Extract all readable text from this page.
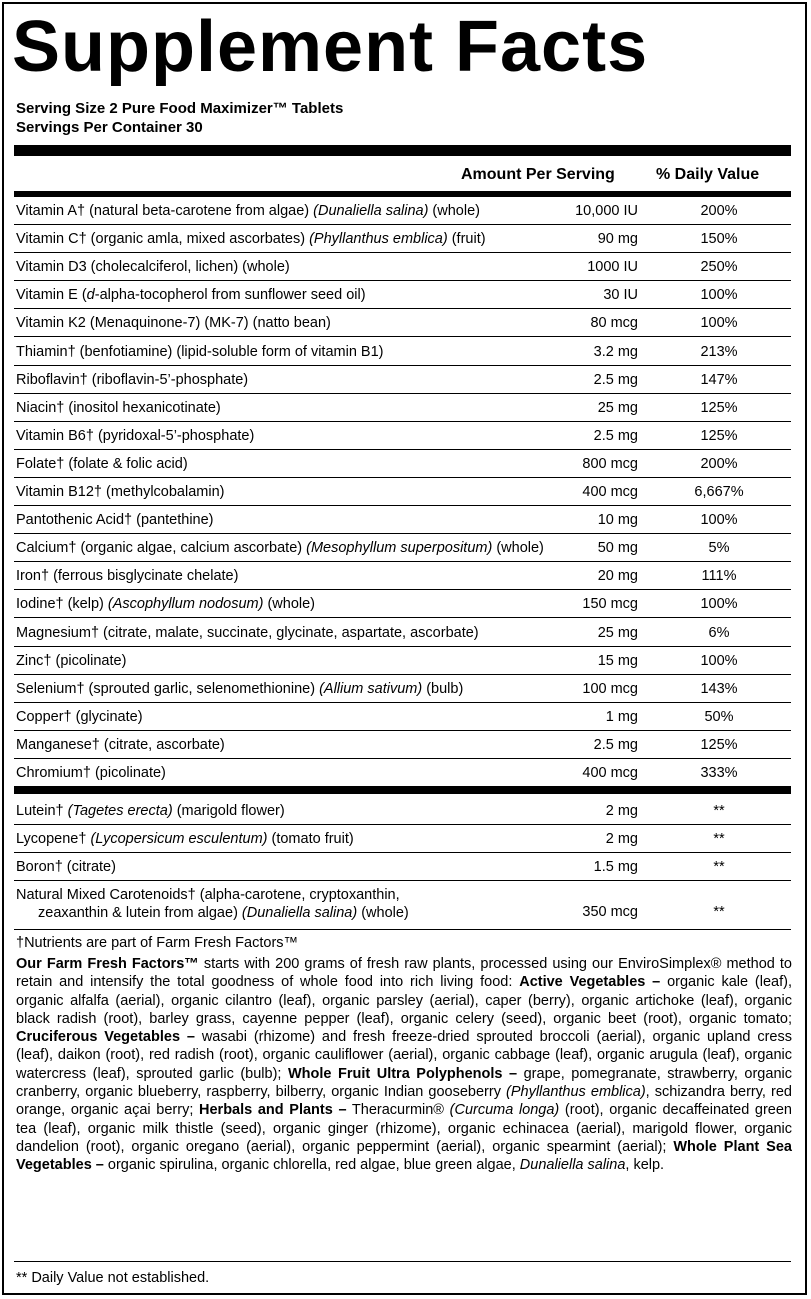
Supplement Facts
Serving Size 2 Pure Food Maximizer™ Tablets
Servings Per Container 30
Amount Per Serving	% Daily Value
Vitamin A† (natural beta-carotene from algae) (Dunaliella salina) (whole)	10,000 IU	200%
Vitamin C† (organic amla, mixed ascorbates) (Phyllanthus emblica) (fruit)	90 mg	150%
Vitamin D3 (cholecalciferol, lichen) (whole)	1000 IU	250%
Vitamin E (d-alpha-tocopherol from sunflower seed oil)	30 IU	100%
Vitamin K2 (Menaquinone-7) (MK-7) (natto bean)	80 mcg	100%
Thiamin† (benfotiamine) (lipid-soluble form of vitamin B1)	3.2 mg	213%
Riboflavin† (riboflavin-5’-phosphate)	2.5 mg	147%
Niacin† (inositol hexanicotinate)	25 mg	125%
Vitamin B6† (pyridoxal-5’-phosphate)	2.5 mg	125%
Folate† (folate & folic acid)	800 mcg	200%
Vitamin B12† (methylcobalamin)	400 mcg	6,667%
Pantothenic Acid† (pantethine)	10 mg	100%
Calcium† (organic algae, calcium ascorbate) (Mesophyllum superpositum) (whole)	50 mg	5%
Iron† (ferrous bisglycinate chelate)	20 mg	111%
Iodine† (kelp) (Ascophyllum nodosum) (whole)	150 mcg	100%
Magnesium† (citrate, malate, succinate, glycinate, aspartate, ascorbate)	25 mg	6%
Zinc† (picolinate)	15 mg	100%
Selenium† (sprouted garlic, selenomethionine) (Allium sativum) (bulb)	100 mcg	143%
Copper† (glycinate)	1 mg	50%
Manganese† (citrate, ascorbate)	2.5 mg	125%
Chromium† (picolinate)	400 mcg	333%
Lutein† (Tagetes erecta) (marigold flower)	2 mg	**
Lycopene† (Lycopersicum esculentum) (tomato fruit)	2 mg	**
Boron† (citrate)	1.5 mg	**
Natural Mixed Carotenoids† (alpha-carotene, cryptoxanthin,
zeaxanthin & lutein from algae) (Dunaliella salina) (whole)	350 mcg	**
†Nutrients are part of Farm Fresh Factors™
Our Farm Fresh Factors™ starts with 200 grams of fresh raw plants, processed using our EnviroSimplex® method to retain and intensify the total goodness of whole food into rich living food: Active Vegetables – organic kale (leaf), organic alfalfa (aerial), organic cilantro (leaf), organic parsley (aerial), caper (berry), organic artichoke (leaf), organic black radish (root), barley grass, cayenne pepper (leaf), organic celery (seed), organic beet (root), organic tomato; Cruciferous Vegetables – wasabi (rhizome) and fresh freeze-dried sprouted broccoli (aerial), organic upland cress (leaf), daikon (root), red radish (root), organic cauliflower (aerial), organic cabbage (leaf), organic arugula (leaf), organic watercress (leaf), sprouted garlic (bulb); Whole Fruit Ultra Polyphenols – grape, pomegranate, strawberry, organic cranberry, organic blueberry, raspberry, bilberry, organic Indian gooseberry (Phyllanthus emblica), schizandra berry, red orange, organic açai berry; Herbals and Plants – Theracurmin® (Curcuma longa) (root), organic decaffeinated green tea (leaf), organic milk thistle (seed), organic ginger (rhizome), organic echinacea (aerial), marigold flower, organic dandelion (root), organic oregano (aerial), organic peppermint (aerial), organic spearmint (aerial); Whole Plant Sea Vegetables – organic spirulina, organic chlorella, red algae, blue green algae, Dunaliella salina, kelp.
** Daily Value not established.
